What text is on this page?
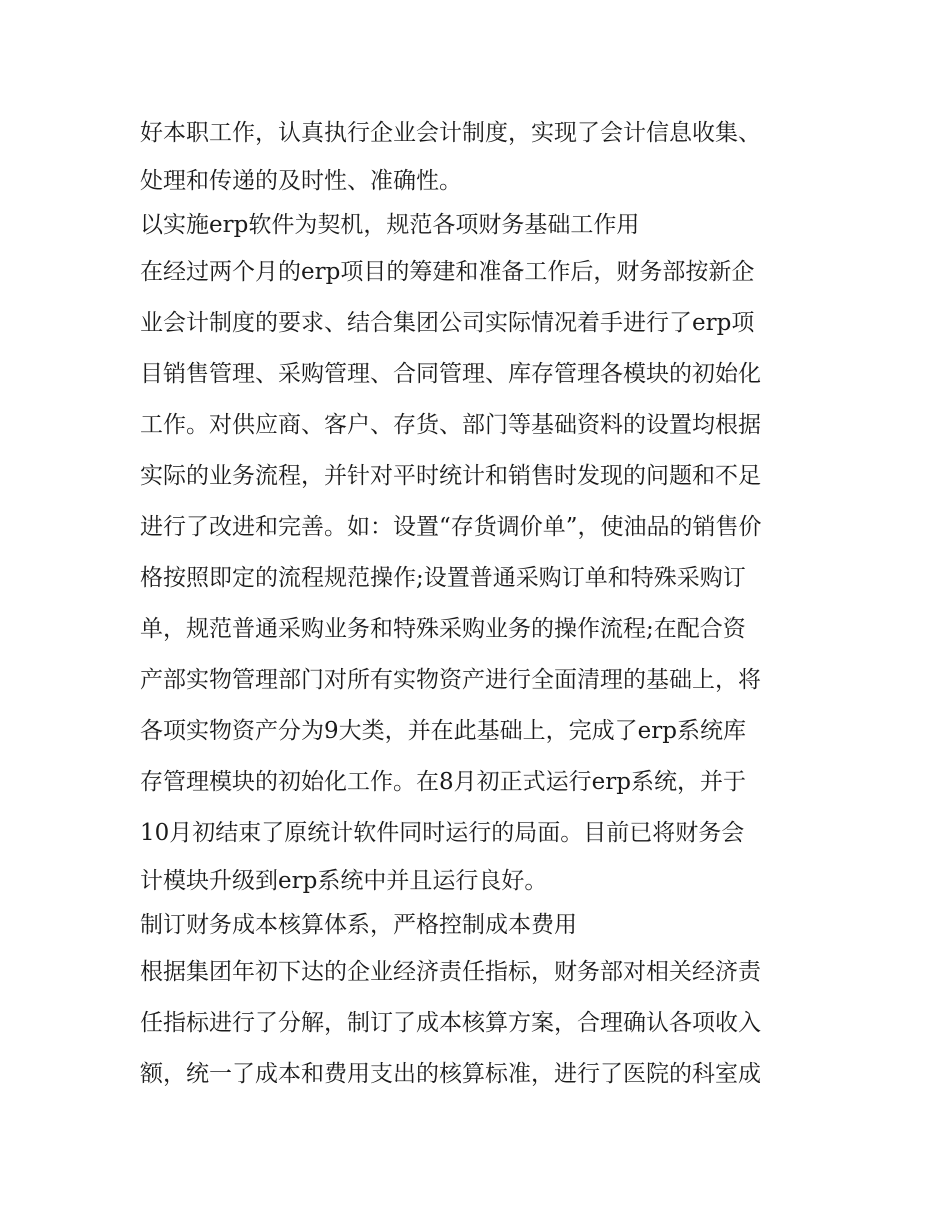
好本职工作，认真执行企业会计制度，实现了会计信息收集、

处理和传递的及时性、准确性。

以实施erp软件为契机，规范各项财务基础工作用

在经过两个月的erp项目的筹建和准备工作后，财务部按新企

业会计制度的要求、结合集团公司实际情况着手进行了erp项

目销售管理、采购管理、合同管理、库存管理各模块的初始化

工作。对供应商、客户、存货、部门等基础资料的设置均根据

实际的业务流程，并针对平时统计和销售时发现的问题和不足

进行了改进和完善。如：设置“存货调价单”，使油品的销售价

格按照即定的流程规范操作;设置普通采购订单和特殊采购订

单，规范普通采购业务和特殊采购业务的操作流程;在配合资

产部实物管理部门对所有实物资产进行全面清理的基础上，将

各项实物资产分为9大类，并在此基础上，完成了erp系统库

存管理模块的初始化工作。在8月初正式运行erp系统，并于

10月初结束了原统计软件同时运行的局面。目前已将财务会

计模块升级到erp系统中并且运行良好。

制订财务成本核算体系，严格控制成本费用

根据集团年初下达的企业经济责任指标，财务部对相关经济责

任指标进行了分解，制订了成本核算方案，合理确认各项收入

额，统一了成本和费用支出的核算标准，进行了医院的科室成
